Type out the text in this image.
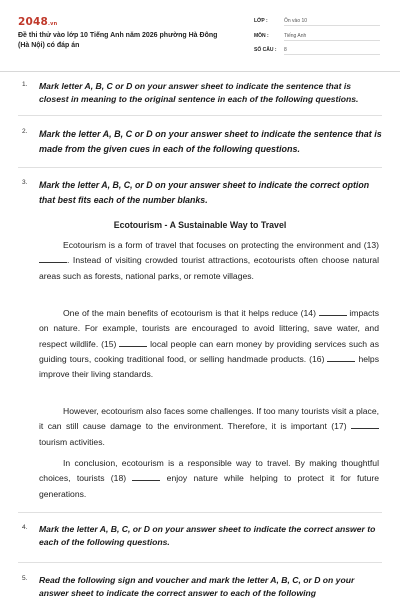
2048.vn
Đề thi thử vào lớp 10 Tiếng Anh năm 2026 phường Hà Đông (Hà Nội) có đáp án
LỚP :	Ôn vào 10
MÔN :	Tiếng Anh
SỐ CÂU : 8
1. Mark letter A, B, C or D on your answer sheet to indicate the sentence that is closest in meaning to the original sentence in each of the following questions.
2. Mark the letter A, B, C or D on your answer sheet to indicate the sentence that is made from the given cues in each of the following questions.
3. Mark the letter A, B, C, or D on your answer sheet to indicate the correct option that best fits each of the number blanks.
Ecotourism - A Sustainable Way to Travel
Ecotourism is a form of travel that focuses on protecting the environment and (13) . Instead of visiting crowded tourist attractions, ecotourists often choose natural areas such as forests, national parks, or remote villages.
One of the main benefits of ecotourism is that it helps reduce (14)	impacts on nature. For example, tourists are encouraged to avoid littering, save water, and respect wildlife. (15)	local people can earn money by providing services such as guiding tours, cooking traditional food, or selling handmade products. (16)	helps improve their living standards.
However, ecotourism also faces some challenges. If too many tourists visit a place, it can still cause damage to the environment. Therefore, it is important (17)  tourism activities.
In conclusion, ecotourism is a responsible way to travel. By making thoughtful choices, tourists (18)	enjoy nature while helping to protect it for future generations.
4. Mark the letter A, B, C, or D on your answer sheet to indicate the correct answer to each of the following questions.
5. Read the following sign and voucher and mark the letter A, B, C, or D on your answer sheet to indicate the correct answer to each of the following
